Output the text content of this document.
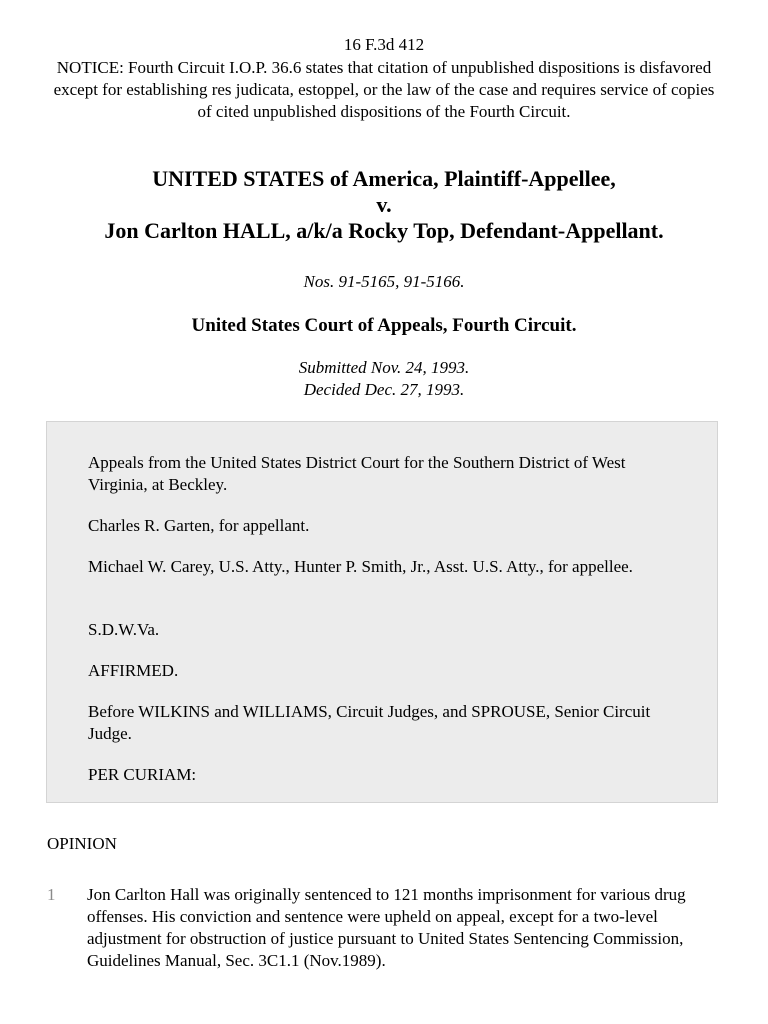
16 F.3d 412
NOTICE: Fourth Circuit I.O.P. 36.6 states that citation of unpublished dispositions is disfavored except for establishing res judicata, estoppel, or the law of the case and requires service of copies of cited unpublished dispositions of the Fourth Circuit.
UNITED STATES of America, Plaintiff-Appellee,
v.
Jon Carlton HALL, a/k/a Rocky Top, Defendant-Appellant.
Nos. 91-5165, 91-5166.
United States Court of Appeals, Fourth Circuit.
Submitted Nov. 24, 1993.
Decided Dec. 27, 1993.

Appeals from the United States District Court for the Southern District of West Virginia, at Beckley.

Charles R. Garten, for appellant.

Michael W. Carey, U.S. Atty., Hunter P. Smith, Jr., Asst. U.S. Atty., for appellee.

S.D.W.Va.

AFFIRMED.

Before WILKINS and WILLIAMS, Circuit Judges, and SPROUSE, Senior Circuit Judge.

PER CURIAM:

OPINION
1 Jon Carlton Hall was originally sentenced to 121 months imprisonment for various drug offenses. His conviction and sentence were upheld on appeal, except for a two-level adjustment for obstruction of justice pursuant to United States Sentencing Commission, Guidelines Manual, Sec. 3C1.1 (Nov.1989).
